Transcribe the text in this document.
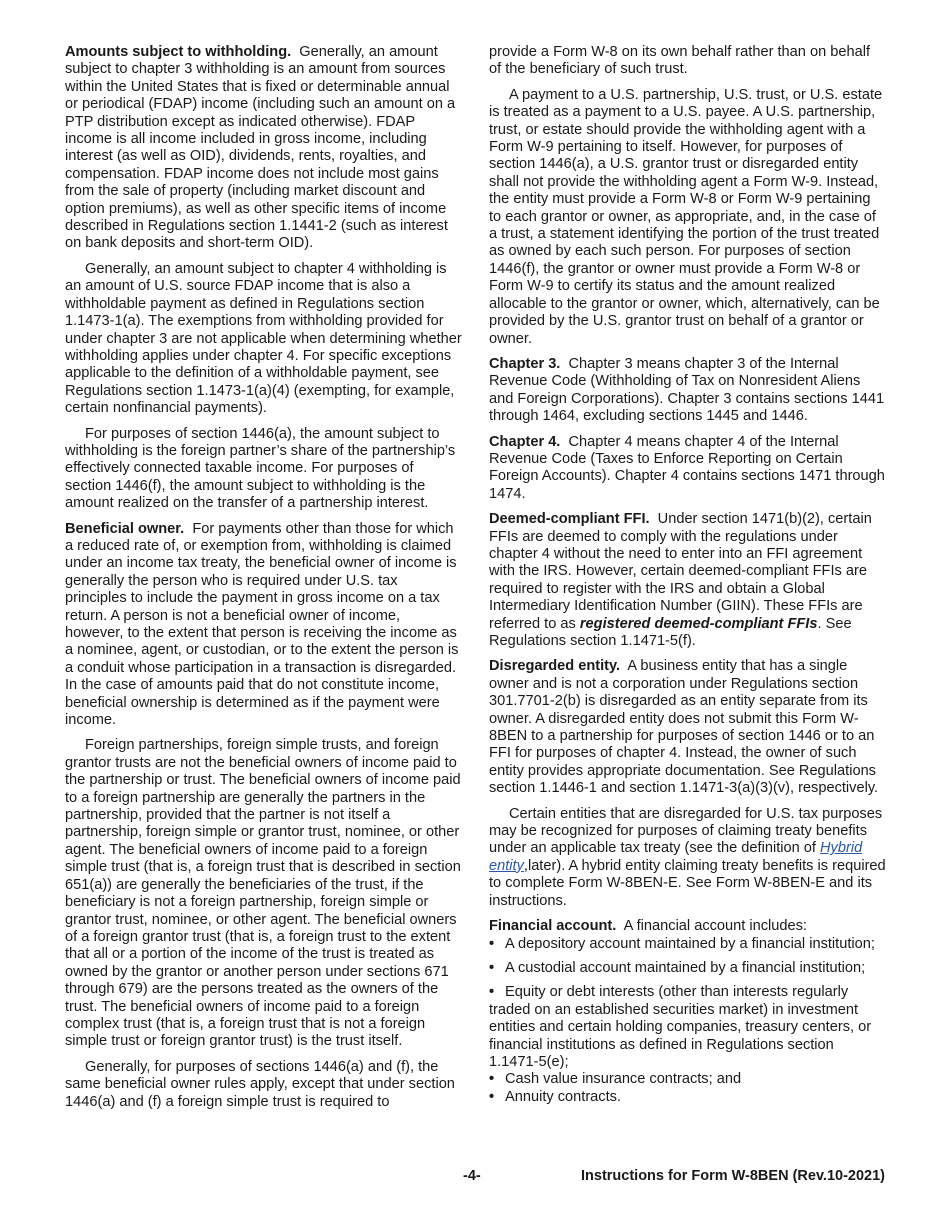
Amounts subject to withholding. Generally, an amount subject to chapter 3 withholding is an amount from sources within the United States that is fixed or determinable annual or periodical (FDAP) income (including such an amount on a PTP distribution except as indicated otherwise). FDAP income is all income included in gross income, including interest (as well as OID), dividends, rents, royalties, and compensation. FDAP income does not include most gains from the sale of property (including market discount and option premiums), as well as other specific items of income described in Regulations section 1.1441-2 (such as interest on bank deposits and short-term OID).

Generally, an amount subject to chapter 4 withholding is an amount of U.S. source FDAP income that is also a withholdable payment as defined in Regulations section 1.1473-1(a). The exemptions from withholding provided for under chapter 3 are not applicable when determining whether withholding applies under chapter 4. For specific exceptions applicable to the definition of a withholdable payment, see Regulations section 1.1473-1(a)(4) (exempting, for example, certain nonfinancial payments).

For purposes of section 1446(a), the amount subject to withholding is the foreign partner’s share of the partnership’s effectively connected taxable income. For purposes of section 1446(f), the amount subject to withholding is the amount realized on the transfer of a partnership interest.

Beneficial owner. For payments other than those for which a reduced rate of, or exemption from, withholding is claimed under an income tax treaty, the beneficial owner of income is generally the person who is required under U.S. tax principles to include the payment in gross income on a tax return. A person is not a beneficial owner of income, however, to the extent that person is receiving the income as a nominee, agent, or custodian, or to the extent the person is a conduit whose participation in a transaction is disregarded. In the case of amounts paid that do not constitute income, beneficial ownership is determined as if the payment were income.

Foreign partnerships, foreign simple trusts, and foreign grantor trusts are not the beneficial owners of income paid to the partnership or trust. The beneficial owners of income paid to a foreign partnership are generally the partners in the partnership, provided that the partner is not itself a partnership, foreign simple or grantor trust, nominee, or other agent. The beneficial owners of income paid to a foreign simple trust (that is, a foreign trust that is described in section 651(a)) are generally the beneficiaries of the trust, if the beneficiary is not a foreign partnership, foreign simple or grantor trust, nominee, or other agent. The beneficial owners of a foreign grantor trust (that is, a foreign trust to the extent that all or a portion of the income of the trust is treated as owned by the grantor or another person under sections 671 through 679) are the persons treated as the owners of the trust. The beneficial owners of income paid to a foreign complex trust (that is, a foreign trust that is not a foreign simple trust or foreign grantor trust) is the trust itself.

Generally, for purposes of sections 1446(a) and (f), the same beneficial owner rules apply, except that under section 1446(a) and (f) a foreign simple trust is required to

provide a Form W-8 on its own behalf rather than on behalf of the beneficiary of such trust.

A payment to a U.S. partnership, U.S. trust, or U.S. estate is treated as a payment to a U.S. payee. A U.S. partnership, trust, or estate should provide the withholding agent with a Form W-9 pertaining to itself. However, for purposes of section 1446(a), a U.S. grantor trust or disregarded entity shall not provide the withholding agent a Form W-9. Instead, the entity must provide a Form W-8 or Form W-9 pertaining to each grantor or owner, as appropriate, and, in the case of a trust, a statement identifying the portion of the trust treated as owned by each such person. For purposes of section 1446(f), the grantor or owner must provide a Form W-8 or Form W-9 to certify its status and the amount realized allocable to the grantor or owner, which, alternatively, can be provided by the U.S. grantor trust on behalf of a grantor or owner.

Chapter 3. Chapter 3 means chapter 3 of the Internal Revenue Code (Withholding of Tax on Nonresident Aliens and Foreign Corporations). Chapter 3 contains sections 1441 through 1464, excluding sections 1445 and 1446.

Chapter 4. Chapter 4 means chapter 4 of the Internal Revenue Code (Taxes to Enforce Reporting on Certain Foreign Accounts). Chapter 4 contains sections 1471 through 1474.

Deemed-compliant FFI. Under section 1471(b)(2), certain FFIs are deemed to comply with the regulations under chapter 4 without the need to enter into an FFI agreement with the IRS. However, certain deemed-compliant FFIs are required to register with the IRS and obtain a Global Intermediary Identification Number (GIIN). These FFIs are referred to as registered deemed-compliant FFIs. See Regulations section 1.1471-5(f).

Disregarded entity. A business entity that has a single owner and is not a corporation under Regulations section 301.7701-2(b) is disregarded as an entity separate from its owner. A disregarded entity does not submit this Form W-8BEN to a partnership for purposes of section 1446 or to an FFI for purposes of chapter 4. Instead, the owner of such entity provides appropriate documentation. See Regulations section 1.1446-1 and section 1.1471-3(a)(3)(v), respectively.

Certain entities that are disregarded for U.S. tax purposes may be recognized for purposes of claiming treaty benefits under an applicable tax treaty (see the definition of Hybrid entity,later). A hybrid entity claiming treaty benefits is required to complete Form W-8BEN-E. See Form W-8BEN-E and its instructions.

Financial account. A financial account includes:

• A depository account maintained by a financial institution;
• A custodial account maintained by a financial institution;
• Equity or debt interests (other than interests regularly traded on an established securities market) in investment entities and certain holding companies, treasury centers, or financial institutions as defined in Regulations section 1.1471-5(e);
• Cash value insurance contracts; and
• Annuity contracts.
-4-	Instructions for Form W-8BEN (Rev.10-2021)
